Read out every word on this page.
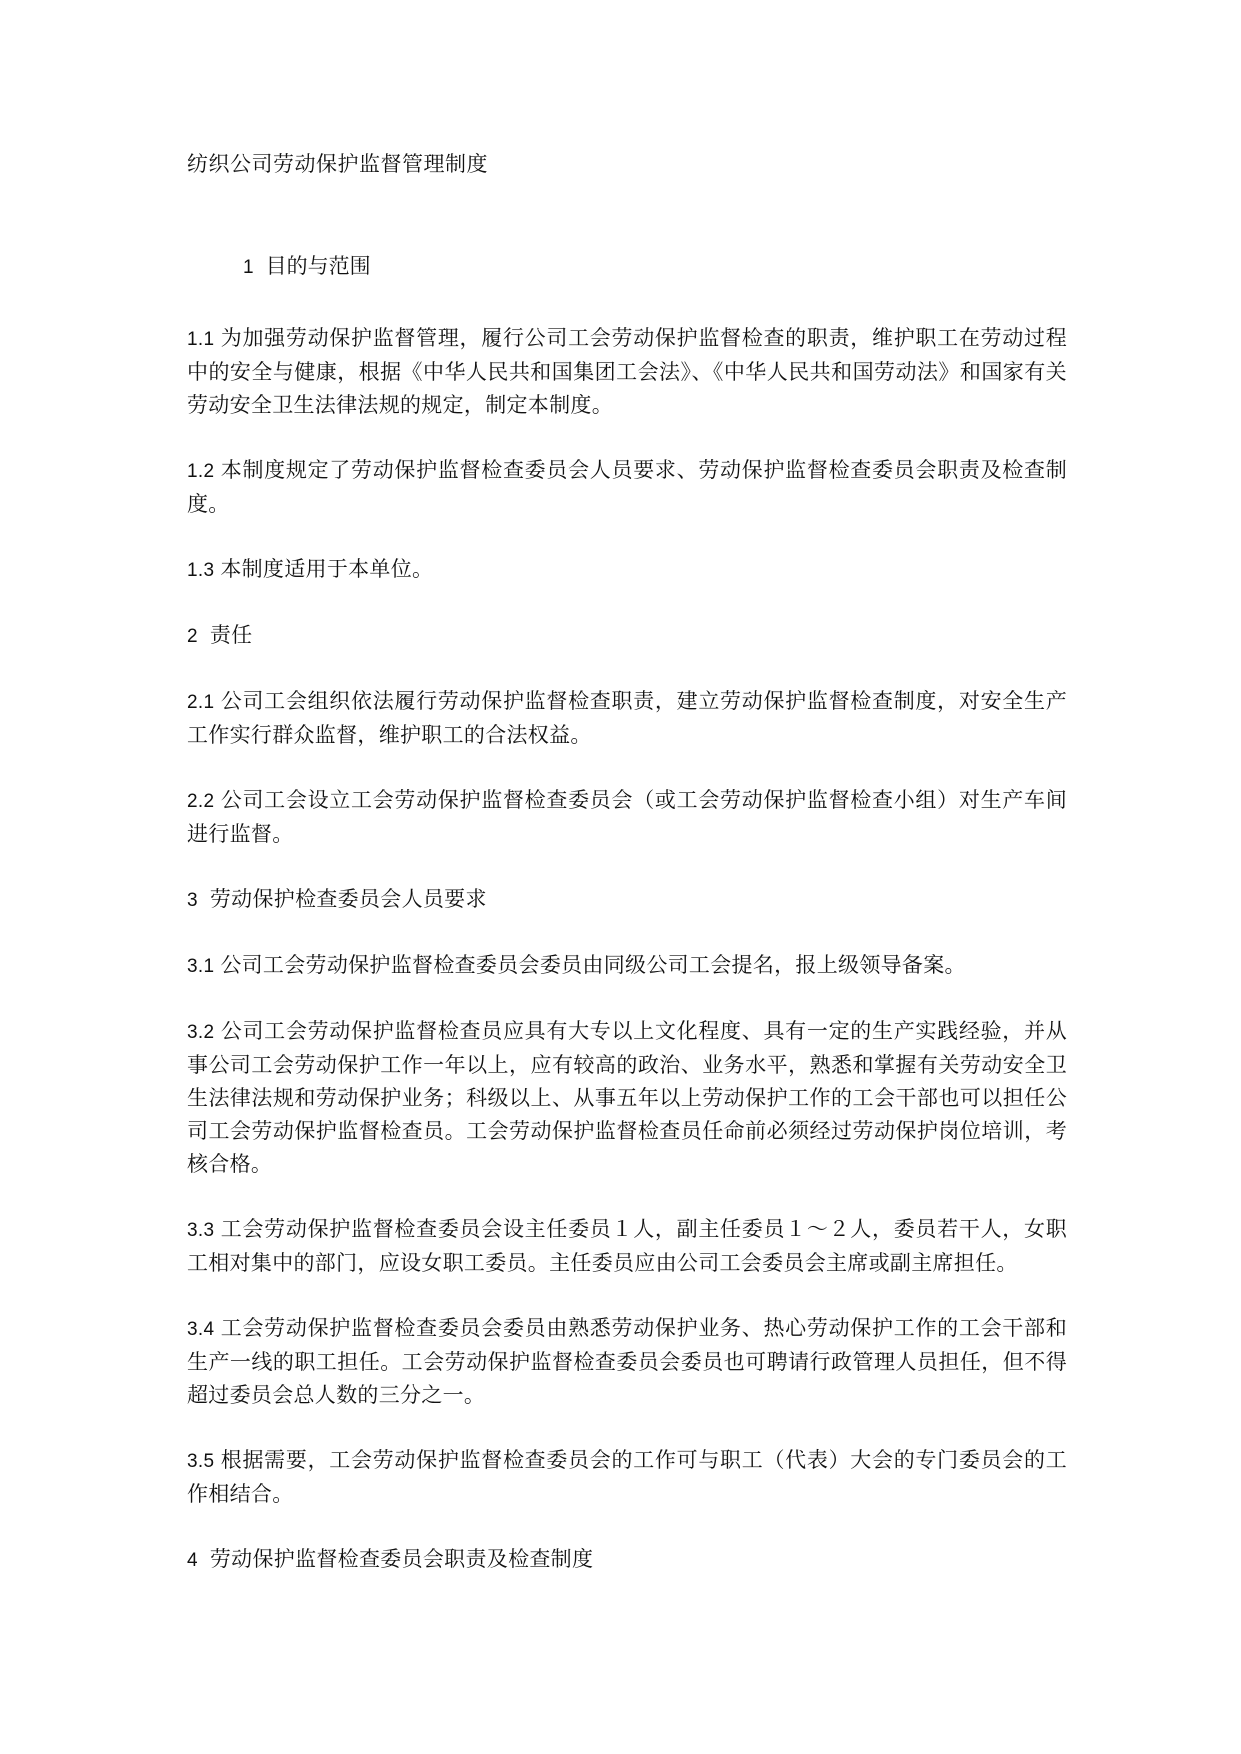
纺织公司劳动保护监督管理制度
1 目的与范围

1.1 为加强劳动保护监督管理，履行公司工会劳动保护监督检查的职责，维护职工在劳动过程中的安全与健康，根据《中华人民共和国集团工会法》、《中华人民共和国劳动法》和国家有关劳动安全卫生法律法规的规定，制定本制度。

1.2 本制度规定了劳动保护监督检查委员会人员要求、劳动保护监督检查委员会职责及检查制度。

1.3 本制度适用于本单位。

2 责任

2.1 公司工会组织依法履行劳动保护监督检查职责，建立劳动保护监督检查制度，对安全生产工作实行群众监督，维护职工的合法权益。

2.2 公司工会设立工会劳动保护监督检查委员会（或工会劳动保护监督检查小组）对生产车间进行监督。

3 劳动保护检查委员会人员要求

3.1 公司工会劳动保护监督检查委员会委员由同级公司工会提名，报上级领导备案。

3.2 公司工会劳动保护监督检查员应具有大专以上文化程度、具有一定的生产实践经验，并从事公司工会劳动保护工作一年以上，应有较高的政治、业务水平，熟悉和掌握有关劳动安全卫生法律法规和劳动保护业务；科级以上、从事五年以上劳动保护工作的工会干部也可以担任公司工会劳动保护监督检查员。工会劳动保护监督检查员任命前必须经过劳动保护岗位培训，考核合格。

3.3 工会劳动保护监督检查委员会设主任委员１人，副主任委员１～２人，委员若干人，女职工相对集中的部门，应设女职工委员。主任委员应由公司工会委员会主席或副主席担任。

3.4 工会劳动保护监督检查委员会委员由熟悉劳动保护业务、热心劳动保护工作的工会干部和生产一线的职工担任。工会劳动保护监督检查委员会委员也可聘请行政管理人员担任，但不得超过委员会总人数的三分之一。

3.5 根据需要，工会劳动保护监督检查委员会的工作可与职工（代表）大会的专门委员会的工作相结合。

4 劳动保护监督检查委员会职责及检查制度
